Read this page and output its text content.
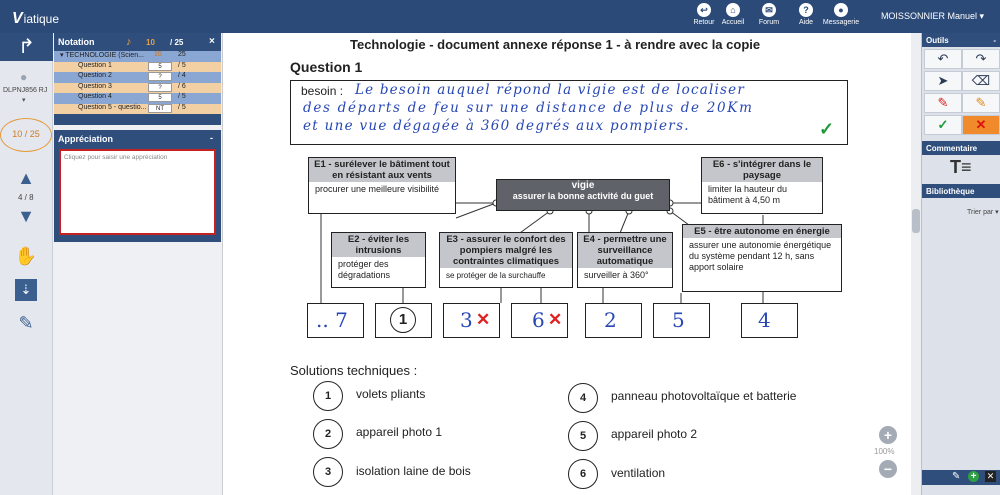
Viatique
↩
Retour
⌂
Accueil
✉
Forum
?
Aide
●
Messagerie
MOISSONNIER Manuel ▾
↱
●
DLPNJ856 RJ
▾
10 / 25
▲
4 / 8
▼
✋
⇣
✎
Notation	♪ 10 / 25	×
▾ TECHNOLOGIE (Scien... 10 25
Question 1	5	/ 5
Question 2	?	/ 4
Question 3	?	/ 6
Question 4	5	/ 5
Question 5 - questio...	NT	/ 5
Appréciation	-
Cliquez pour saisir une appréciation
Technologie - document annexe réponse 1 - à rendre avec la copie
Question 1
besoin : Le besoin auquel répond la vigie est de localiser
des départs de feu sur une distance de plus de 20Km
et une vue dégagée à 360 degrés aux pompiers.	✓
E1 - surélever le bâtiment tout en résistant aux vents
procurer une meilleure visibilité
E6 - s'intégrer dans le paysage
limiter la hauteur du bâtiment à 4,50 m
vigie
assurer la bonne activité du guet
E2 - éviter les intrusions
protéger des dégradations
E3 - assurer le confort des pompiers malgré les contraintes climatiques
se protéger de la surchauffe
E4 - permettre une surveillance automatique
surveiller à 360°
E5 - être autonome en énergie
assurer une autonomie énergétique du système pendant 12 h, sans apport solaire
.. 7	1	3 ✕ 6 ✕ 2	5	4
Solutions techniques :
1	volets pliants	4	panneau photovoltaïque et batterie
2	appareil photo 1	5	appareil photo 2
3	isolation laine de bois	6	ventilation
+
100%
−
Outils	-
↶	↷
➤	⌫
✎	✎
✓	✕
Commentaire
T≡
Bibliothèque
Trier par ▾
✎ + ✕
